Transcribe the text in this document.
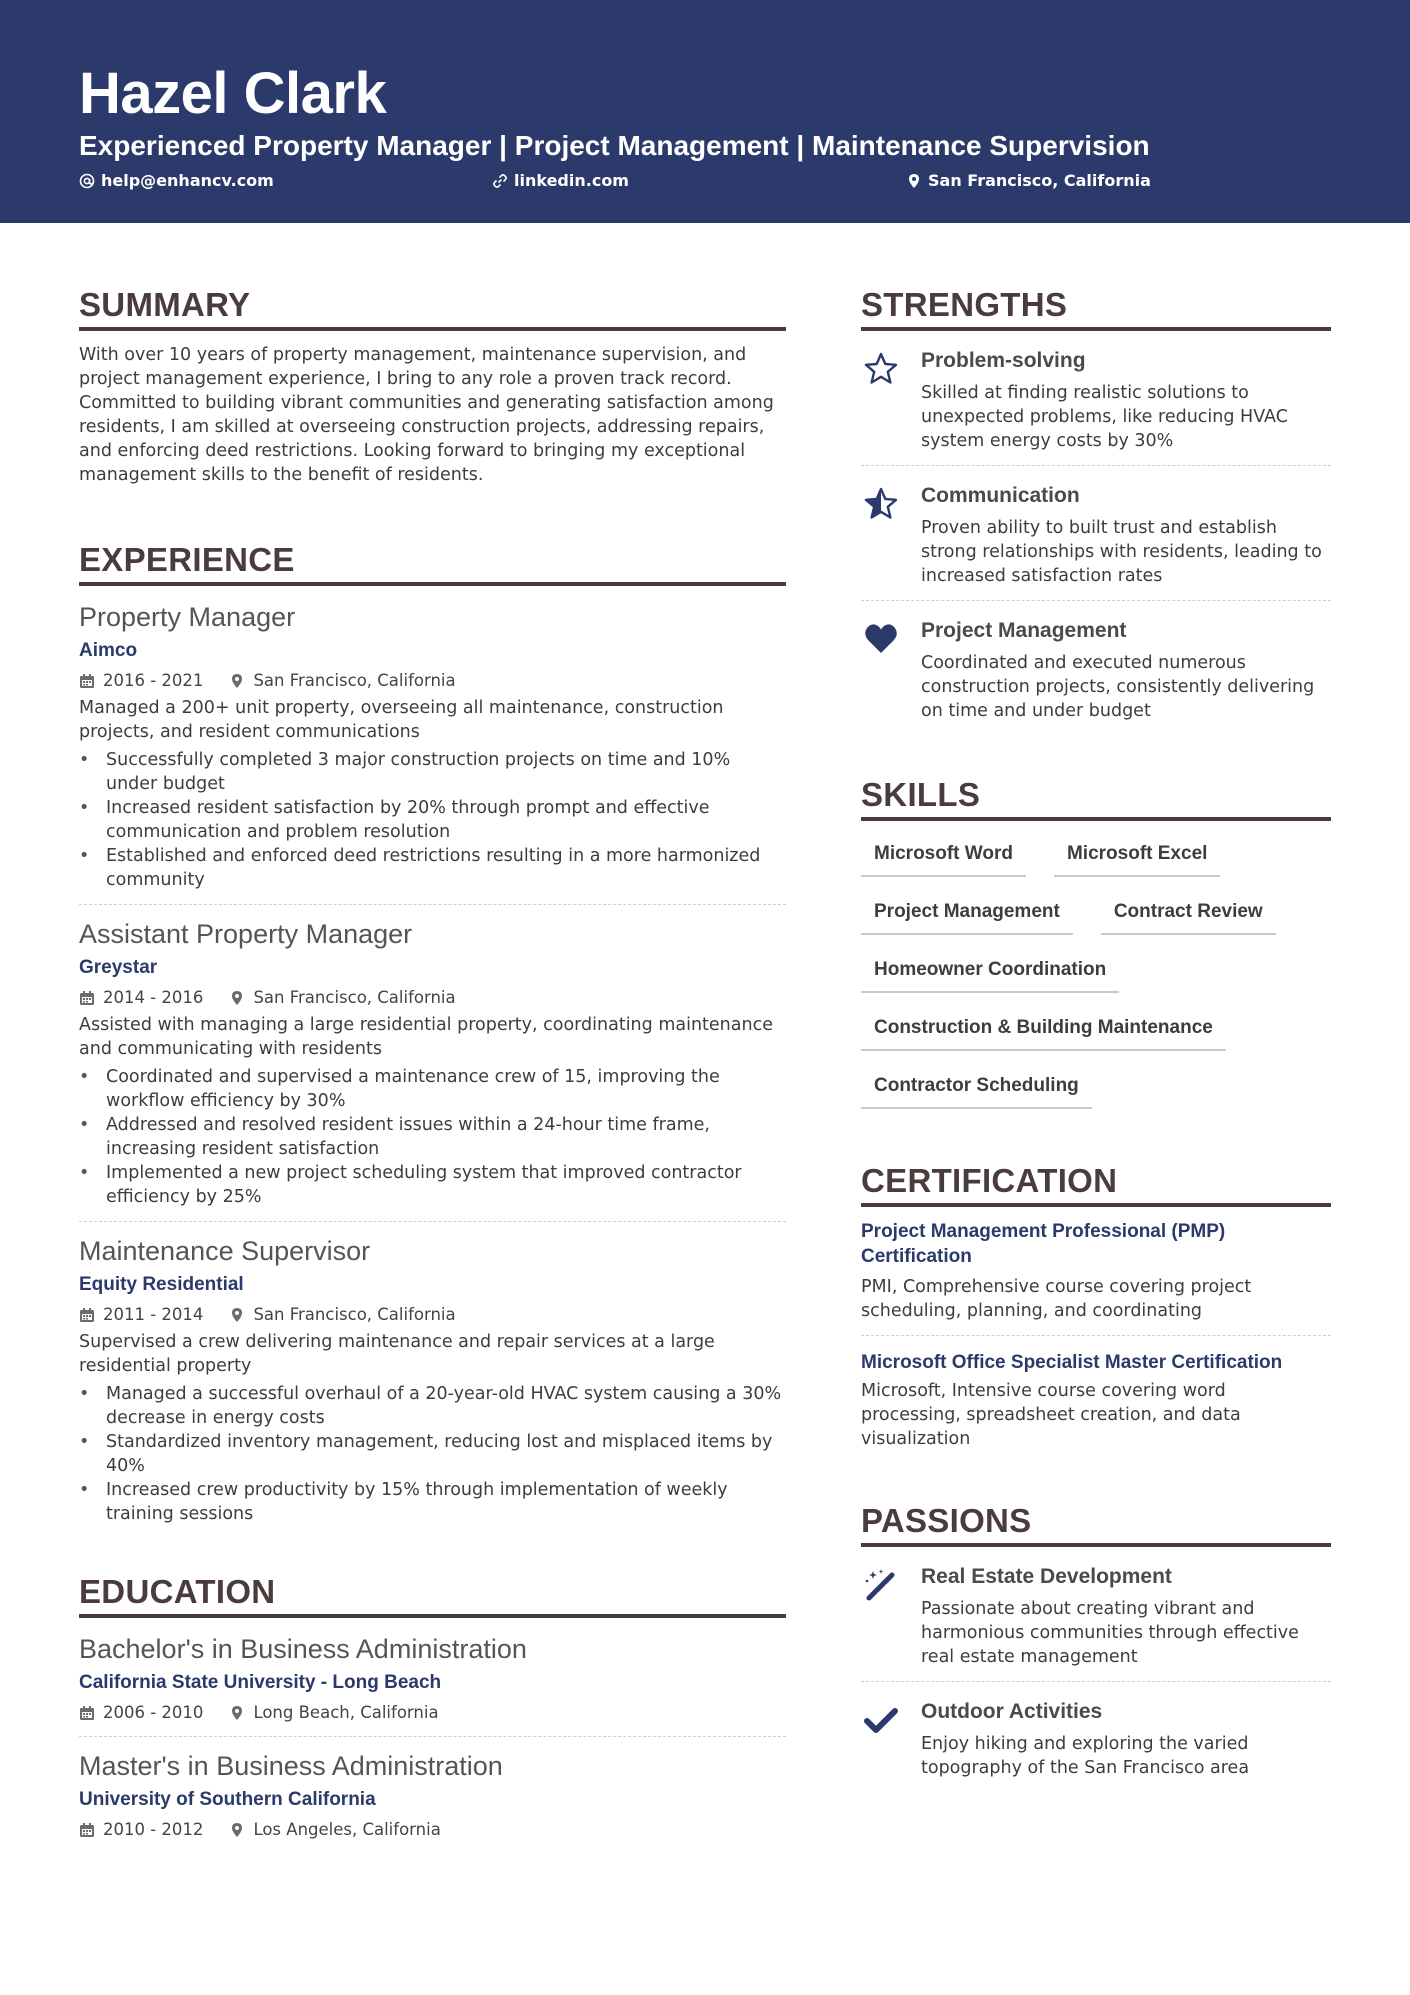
Hazel Clark
Experienced Property Manager | Project Management | Maintenance Supervision
help@enhancv.com	linkedin.com	San Francisco, California
SUMMARY
With over 10 years of property management, maintenance supervision, and project management experience, I bring to any role a proven track record. Committed to building vibrant communities and generating satisfaction among residents, I am skilled at overseeing construction projects, addressing repairs, and enforcing deed restrictions. Looking forward to bringing my exceptional management skills to the benefit of residents.
EXPERIENCE
Property Manager
Aimco
2016 - 2021	San Francisco, California
Managed a 200+ unit property, overseeing all maintenance, construction projects, and resident communications
• Successfully completed 3 major construction projects on time and 10% under budget
• Increased resident satisfaction by 20% through prompt and effective communication and problem resolution
• Established and enforced deed restrictions resulting in a more harmonized community
Assistant Property Manager
Greystar
2014 - 2016	San Francisco, California
Assisted with managing a large residential property, coordinating maintenance and communicating with residents
• Coordinated and supervised a maintenance crew of 15, improving the workflow efficiency by 30%
• Addressed and resolved resident issues within a 24-hour time frame, increasing resident satisfaction
• Implemented a new project scheduling system that improved contractor efficiency by 25%
Maintenance Supervisor
Equity Residential
2011 - 2014	San Francisco, California
Supervised a crew delivering maintenance and repair services at a large residential property
• Managed a successful overhaul of a 20-year-old HVAC system causing a 30% decrease in energy costs
• Standardized inventory management, reducing lost and misplaced items by 40%
• Increased crew productivity by 15% through implementation of weekly training sessions
EDUCATION
Bachelor's in Business Administration
California State University - Long Beach
2006 - 2010	Long Beach, California
Master's in Business Administration
University of Southern California
2010 - 2012	Los Angeles, California
STRENGTHS
Problem-solving
Skilled at finding realistic solutions to unexpected problems, like reducing HVAC system energy costs by 30%
Communication
Proven ability to built trust and establish strong relationships with residents, leading to increased satisfaction rates
Project Management
Coordinated and executed numerous construction projects, consistently delivering on time and under budget
SKILLS
Microsoft Word	Microsoft Excel
Project Management	Contract Review
Homeowner Coordination
Construction & Building Maintenance
Contractor Scheduling
CERTIFICATION
Project Management Professional (PMP) Certification
PMI, Comprehensive course covering project scheduling, planning, and coordinating
Microsoft Office Specialist Master Certification
Microsoft, Intensive course covering word processing, spreadsheet creation, and data visualization
PASSIONS
Real Estate Development
Passionate about creating vibrant and harmonious communities through effective real estate management
Outdoor Activities
Enjoy hiking and exploring the varied topography of the San Francisco area
